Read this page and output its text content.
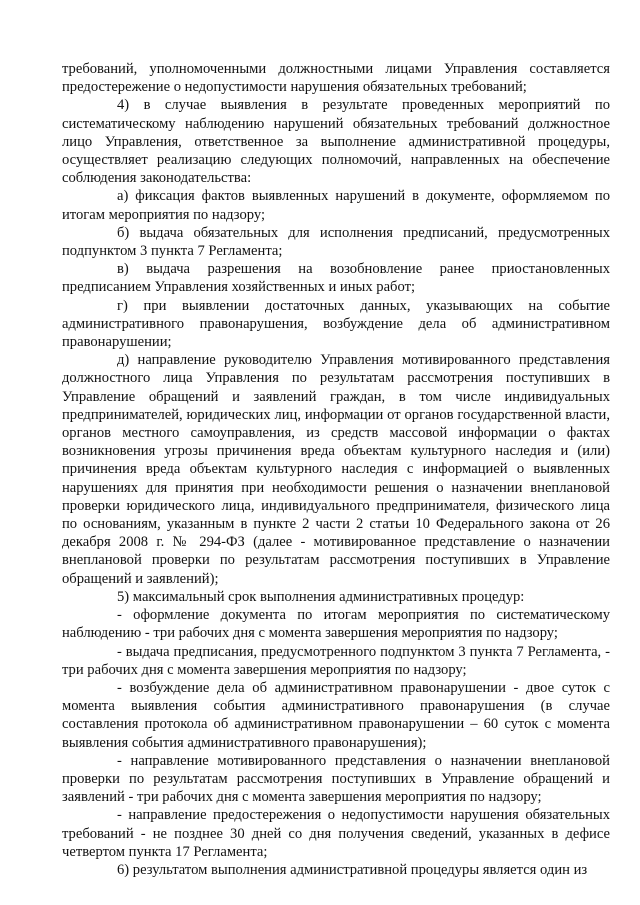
требований, уполномоченными должностными лицами Управления составляется предостережение о недопустимости нарушения обязательных требований;

4) в случае выявления в результате проведенных мероприятий по систематическому наблюдению нарушений обязательных требований должностное лицо Управления, ответственное за выполнение административной процедуры, осуществляет реализацию следующих полномочий, направленных на обеспечение соблюдения законодательства:

а) фиксация фактов выявленных нарушений в документе, оформляемом по итогам мероприятия по надзору;

б) выдача обязательных для исполнения предписаний, предусмотренных подпунктом 3 пункта 7 Регламента;

в) выдача разрешения на возобновление ранее приостановленных предписанием Управления хозяйственных и иных работ;

г) при выявлении достаточных данных, указывающих на событие административного правонарушения, возбуждение дела об административном правонарушении;

д) направление руководителю Управления мотивированного представления должностного лица Управления по результатам рассмотрения поступивших в Управление обращений и заявлений граждан, в том числе индивидуальных предпринимателей, юридических лиц, информации от органов государственной власти, органов местного самоуправления, из средств массовой информации о фактах возникновения угрозы причинения вреда объектам культурного наследия и (или) причинения вреда объектам культурного наследия с информацией о выявленных нарушениях для принятия при необходимости решения о назначении внеплановой проверки юридического лица, индивидуального предпринимателя, физического лица по основаниям, указанным в пункте 2 части 2 статьи 10 Федерального закона от 26 декабря 2008 г. № 294-ФЗ (далее - мотивированное представление о назначении внеплановой проверки по результатам рассмотрения поступивших в Управление обращений и заявлений);

5) максимальный срок выполнения административных процедур:

- оформление документа по итогам мероприятия по систематическому наблюдению - три рабочих дня с момента завершения мероприятия по надзору;

- выдача предписания, предусмотренного подпунктом 3 пункта 7 Регламента, - три рабочих дня с момента завершения мероприятия по надзору;

- возбуждение дела об административном правонарушении - двое суток с момента выявления события административного правонарушения (в случае составления протокола об административном правонарушении – 60 суток с момента выявления события административного правонарушения);

- направление мотивированного представления о назначении внеплановой проверки по результатам рассмотрения поступивших в Управление обращений и заявлений - три рабочих дня с момента завершения мероприятия по надзору;

- направление предостережения о недопустимости нарушения обязательных требований - не позднее 30 дней со дня получения сведений, указанных в дефисе четвертом пункта 17 Регламента;

6) результатом выполнения административной процедуры является один из
